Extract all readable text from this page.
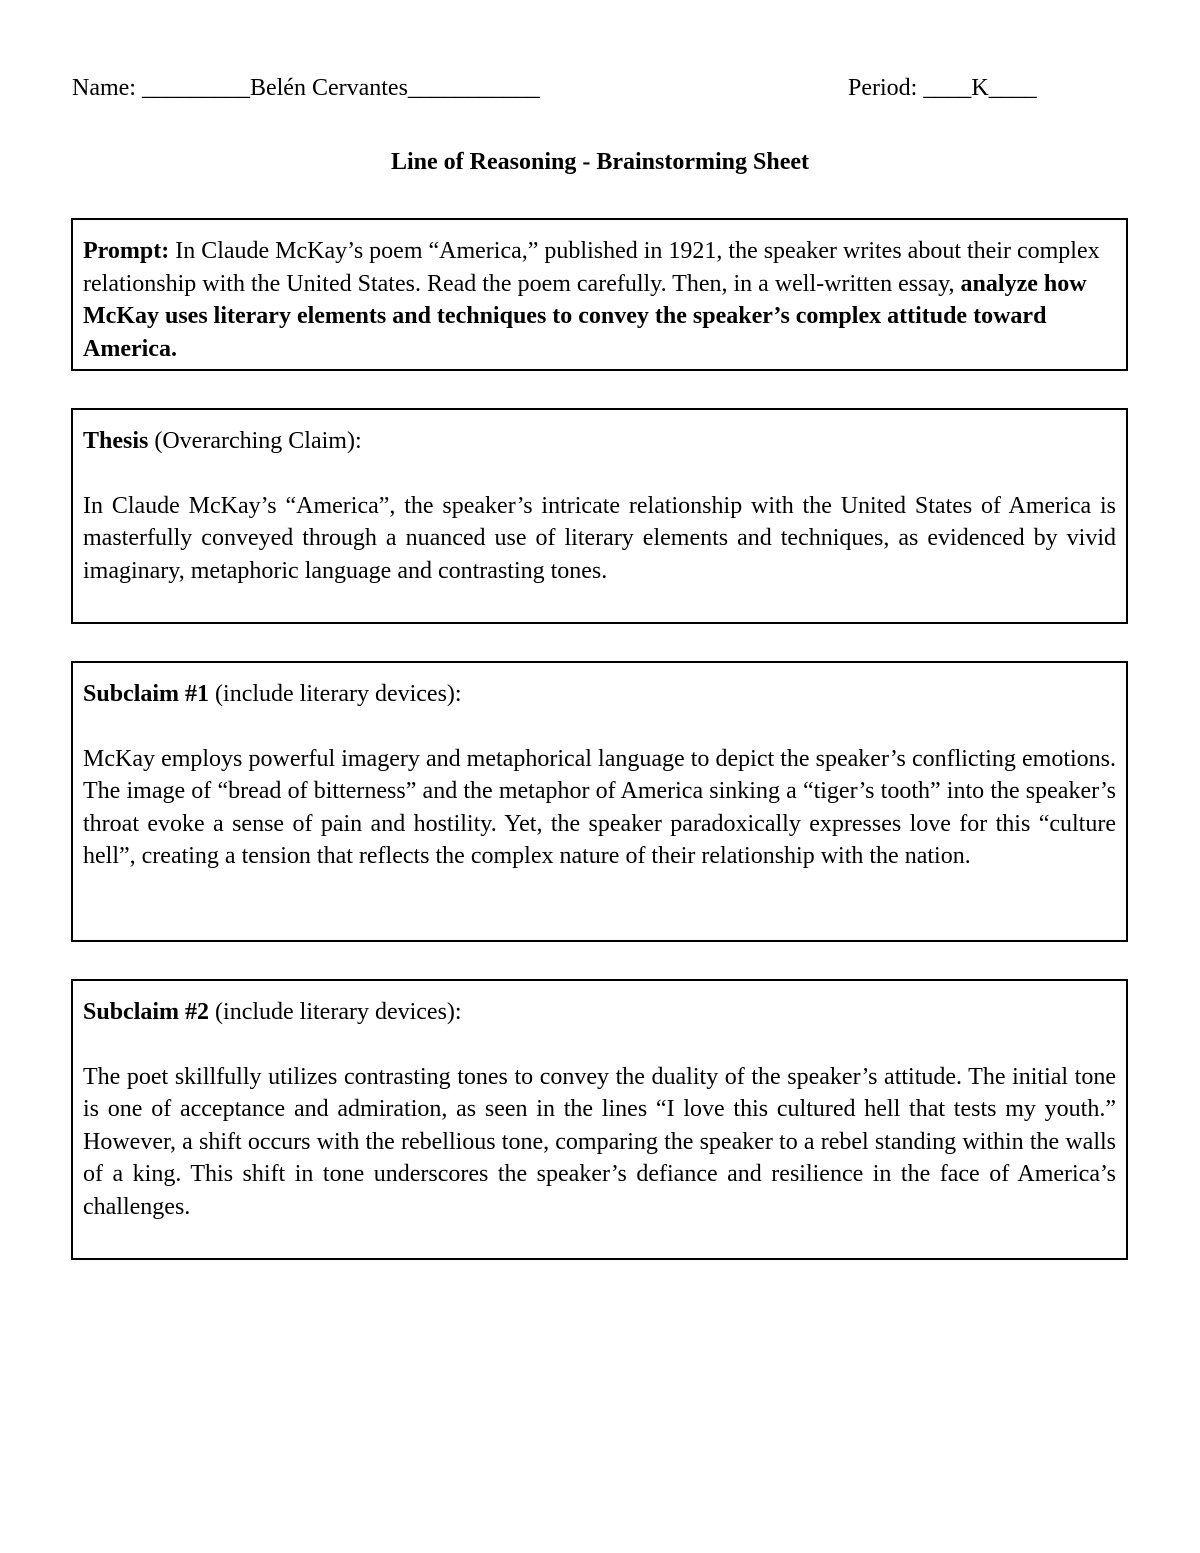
Name: _________Belén Cervantes___________	Period: ____K____
Line of Reasoning - Brainstorming Sheet

Prompt: In Claude McKay’s poem “America,” published in 1921, the speaker writes about their complex relationship with the United States. Read the poem carefully. Then, in a well-written essay, analyze how McKay uses literary elements and techniques to convey the speaker’s complex attitude toward America.

Thesis (Overarching Claim):

In Claude McKay’s “America”, the speaker’s intricate relationship with the United States of America is masterfully conveyed through a nuanced use of literary elements and techniques, as evidenced by vivid imaginary, metaphoric language and contrasting tones.

Subclaim #1 (include literary devices):

McKay employs powerful imagery and metaphorical language to depict the speaker’s conflicting emotions. The image of “bread of bitterness” and the metaphor of America sinking a “tiger’s tooth” into the speaker’s throat evoke a sense of pain and hostility. Yet, the speaker paradoxically expresses love for this “culture hell”, creating a tension that reflects the complex nature of their relationship with the nation.

Subclaim #2 (include literary devices):

The poet skillfully utilizes contrasting tones to convey the duality of the speaker’s attitude. The initial tone is one of acceptance and admiration, as seen in the lines “I love this cultured hell that tests my youth.” However, a shift occurs with the rebellious tone, comparing the speaker to a rebel standing within the walls of a king. This shift in tone underscores the speaker’s defiance and resilience in the face of America’s challenges.
